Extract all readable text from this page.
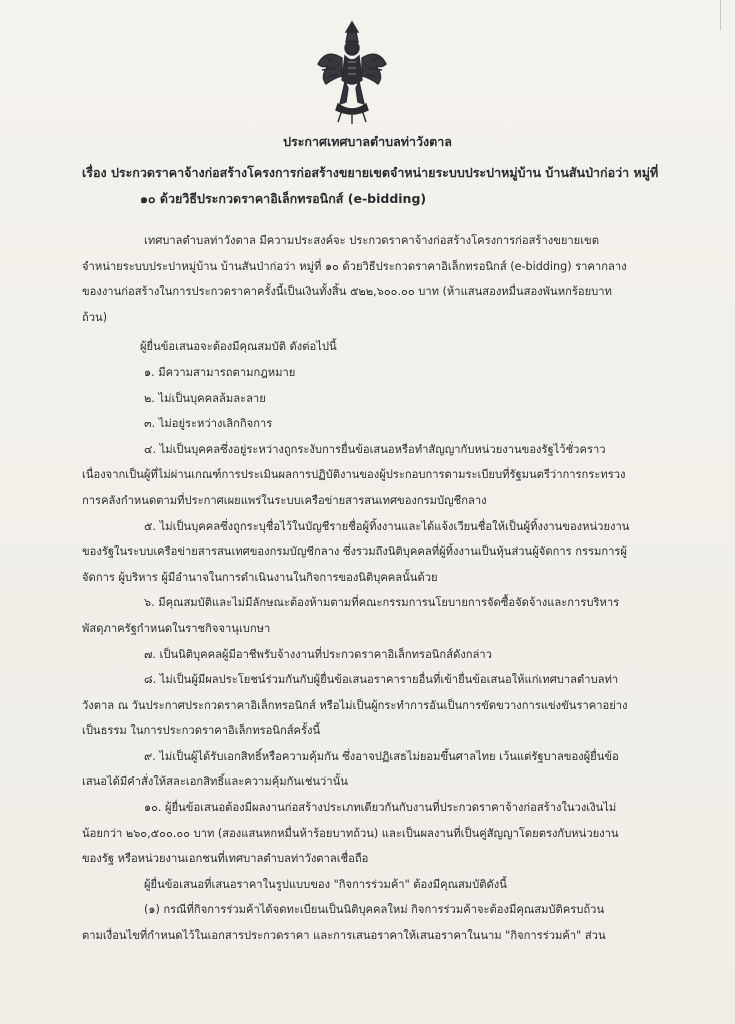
ประกาศเทศบาลตำบลท่าวังตาล
เรื่อง ประกวดราคาจ้างก่อสร้างโครงการก่อสร้างขยายเขตจำหน่ายระบบประปาหมู่บ้าน บ้านสันป่าก่อว่า หมู่ที่
๑๐ ด้วยวิธีประกวดราคาอิเล็กทรอนิกส์ (e-bidding)
เทศบาลตำบลท่าวังตาล มีความประสงค์จะ ประกวดราคาจ้างก่อสร้างโครงการก่อสร้างขยายเขต
จำหน่ายระบบประปาหมู่บ้าน บ้านสันป่าก่อว่า หมู่ที่ ๑๐ ด้วยวิธีประกวดราคาอิเล็กทรอนิกส์ (e-bidding) ราคากลาง
ของงานก่อสร้างในการประกวดราคาครั้งนี้เป็นเงินทั้งสิ้น ๕๒๒,๖๐๐.๐๐ บาท (ห้าแสนสองหมื่นสองพันหกร้อยบาท
ถ้วน)
ผู้ยื่นข้อเสนอจะต้องมีคุณสมบัติ ดังต่อไปนี้
๑. มีความสามารถตามกฎหมาย
๒. ไม่เป็นบุคคลล้มละลาย
๓. ไม่อยู่ระหว่างเลิกกิจการ
๔. ไม่เป็นบุคคลซึ่งอยู่ระหว่างถูกระงับการยื่นข้อเสนอหรือทำสัญญากับหน่วยงานของรัฐไว้ชั่วคราว
เนื่องจากเป็นผู้ที่ไม่ผ่านเกณฑ์การประเมินผลการปฏิบัติงานของผู้ประกอบการตามระเบียบที่รัฐมนตรีว่าการกระทรวง
การคลังกำหนดตามที่ประกาศเผยแพร่ในระบบเครือข่ายสารสนเทศของกรมบัญชีกลาง
๕. ไม่เป็นบุคคลซึ่งถูกระบุชื่อไว้ในบัญชีรายชื่อผู้ทิ้งงานและได้แจ้งเวียนชื่อให้เป็นผู้ทิ้งงานของหน่วยงาน
ของรัฐในระบบเครือข่ายสารสนเทศของกรมบัญชีกลาง ซึ่งรวมถึงนิติบุคคลที่ผู้ทิ้งงานเป็นหุ้นส่วนผู้จัดการ กรรมการผู้
จัดการ ผู้บริหาร ผู้มีอำนาจในการดำเนินงานในกิจการของนิติบุคคลนั้นด้วย
๖. มีคุณสมบัติและไม่มีลักษณะต้องห้ามตามที่คณะกรรมการนโยบายการจัดซื้อจัดจ้างและการบริหาร
พัสดุภาครัฐกำหนดในราชกิจจานุเบกษา
๗. เป็นนิติบุคคลผู้มีอาชีพรับจ้างงานที่ประกวดราคาอิเล็กทรอนิกส์ดังกล่าว
๘. ไม่เป็นผู้มีผลประโยชน์ร่วมกันกับผู้ยื่นข้อเสนอราคารายอื่นที่เข้ายื่นข้อเสนอให้แก่เทศบาลตำบลท่า
วังตาล ณ วันประกาศประกวดราคาอิเล็กทรอนิกส์ หรือไม่เป็นผู้กระทำการอันเป็นการขัดขวางการแข่งขันราคาอย่าง
เป็นธรรม ในการประกวดราคาอิเล็กทรอนิกส์ครั้งนี้
๙. ไม่เป็นผู้ได้รับเอกสิทธิ์หรือความคุ้มกัน ซึ่งอาจปฏิเสธไม่ยอมขึ้นศาลไทย เว้นแต่รัฐบาลของผู้ยื่นข้อ
เสนอได้มีคำสั่งให้สละเอกสิทธิ์และความคุ้มกันเช่นว่านั้น
๑๐. ผู้ยื่นข้อเสนอต้องมีผลงานก่อสร้างประเภทเดียวกันกับงานที่ประกวดราคาจ้างก่อสร้างในวงเงินไม่
น้อยกว่า ๒๖๐,๕๐๐.๐๐ บาท (สองแสนหกหมื่นห้าร้อยบาทถ้วน) และเป็นผลงานที่เป็นคู่สัญญาโดยตรงกับหน่วยงาน
ของรัฐ หรือหน่วยงานเอกชนที่เทศบาลตำบลท่าวังตาลเชื่อถือ
ผู้ยื่นข้อเสนอที่เสนอราคาในรูปแบบของ "กิจการร่วมค้า" ต้องมีคุณสมบัติดังนี้
(๑) กรณีที่กิจการร่วมค้าได้จดทะเบียนเป็นนิติบุคคลใหม่ กิจการร่วมค้าจะต้องมีคุณสมบัติครบถ้วน
ตามเงื่อนไขที่กำหนดไว้ในเอกสารประกวดราคา และการเสนอราคาให้เสนอราคาในนาม "กิจการร่วมค้า" ส่วน
